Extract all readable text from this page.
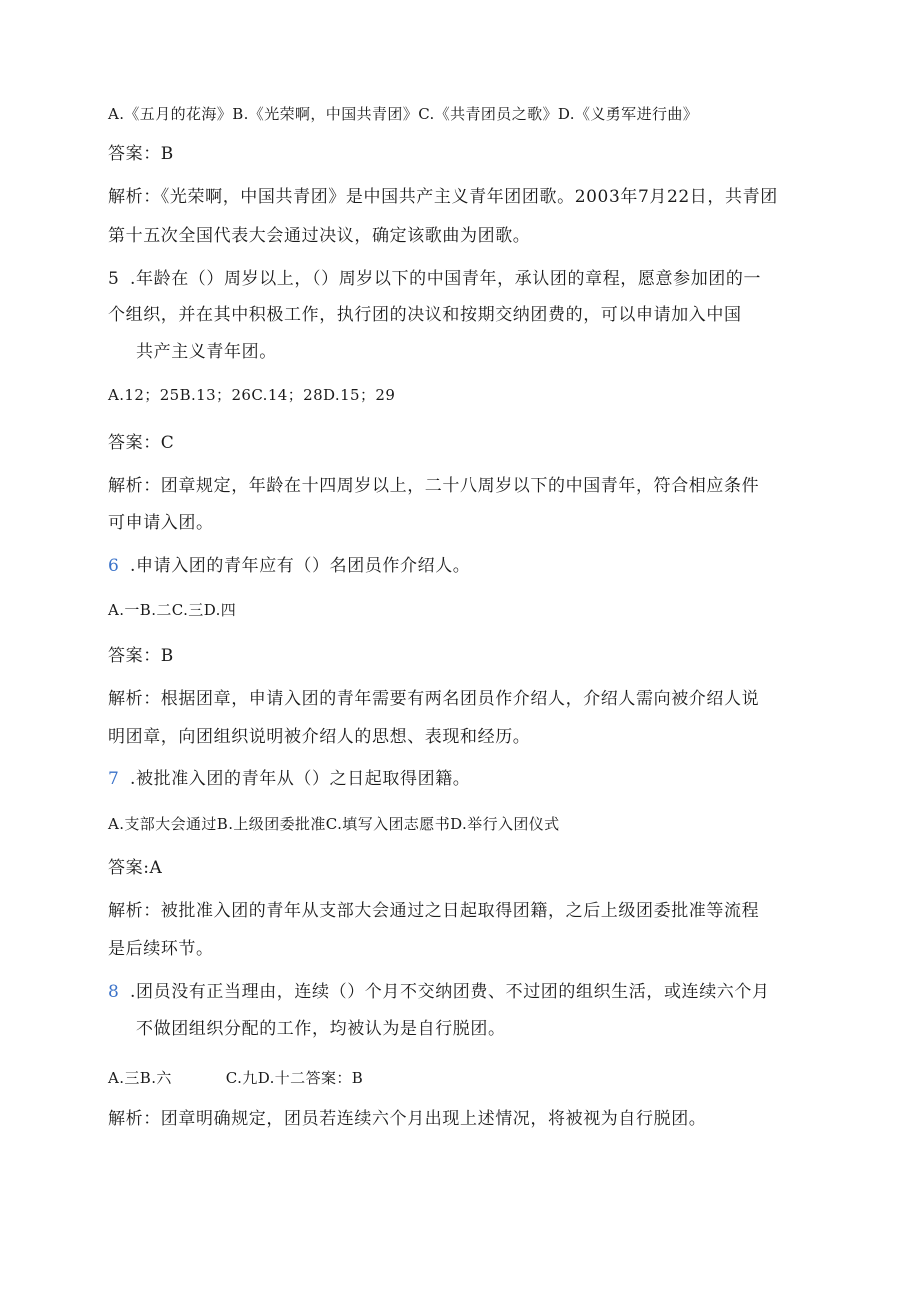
A.《五月的花海》B.《光荣啊，中国共青团》C.《共青团员之歌》D.《义勇军进行曲》
答案：B
解析：《光荣啊，中国共青团》是中国共产主义青年团团歌。2003年7月22日，共青团
第十五次全国代表大会通过决议，确定该歌曲为团歌。
5 .年龄在（）周岁以上，（）周岁以下的中国青年，承认团的章程，愿意参加团的一
个组织，并在其中积极工作，执行团的决议和按期交纳团费的，可以申请加入中国
共产主义青年团。
A.12；25B.13；26C.14；28D.15；29
答案：C
解析：团章规定，年龄在十四周岁以上，二十八周岁以下的中国青年，符合相应条件
可申请入团。
6 .申请入团的青年应有（）名团员作介绍人。
A.一B.二C.三D.四
答案：B
解析：根据团章，申请入团的青年需要有两名团员作介绍人，介绍人需向被介绍人说
明团章，向团组织说明被介绍人的思想、表现和经历。
7 .被批准入团的青年从（）之日起取得团籍。
A.支部大会通过B.上级团委批准C.填写入团志愿书D.举行入团仪式
答案:A
解析：被批准入团的青年从支部大会通过之日起取得团籍，之后上级团委批准等流程
是后续环节。
8 .团员没有正当理由，连续（）个月不交纳团费、不过团的组织生活，或连续六个月
不做团组织分配的工作，均被认为是自行脱团。
A.三B.六	C.九D.十二答案：B
解析：团章明确规定，团员若连续六个月出现上述情况，将被视为自行脱团。
